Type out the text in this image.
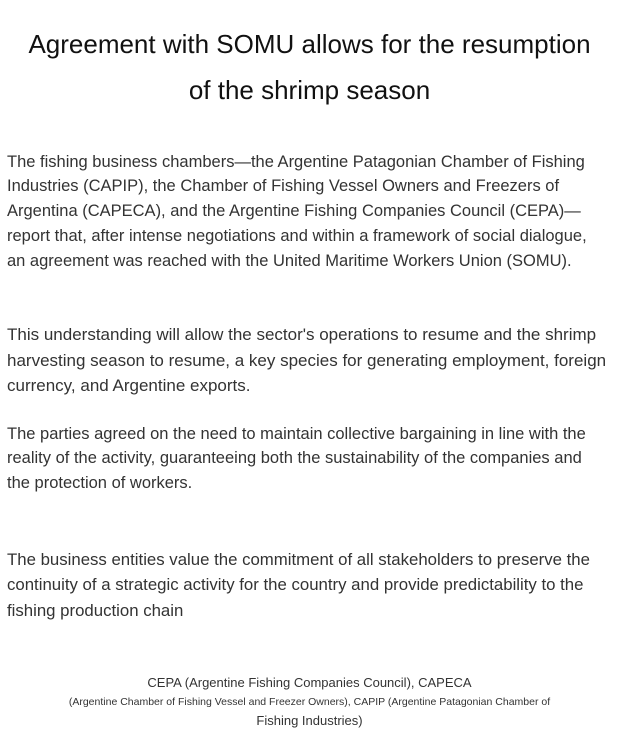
Agreement with SOMU allows for the resumption of the shrimp season

The fishing business chambers—the Argentine Patagonian Chamber of Fishing Industries (CAPIP), the Chamber of Fishing Vessel Owners and Freezers of Argentina (CAPECA), and the Argentine Fishing Companies Council (CEPA)—report that, after intense negotiations and within a framework of social dialogue, an agreement was reached with the United Maritime Workers Union (SOMU).

This understanding will allow the sector's operations to resume and the shrimp harvesting season to resume, a key species for generating employment, foreign currency, and Argentine exports.

The parties agreed on the need to maintain collective bargaining in line with the reality of the activity, guaranteeing both the sustainability of the companies and the protection of workers.

The business entities value the commitment of all stakeholders to preserve the continuity of a strategic activity for the country and provide predictability to the fishing production chain

CEPA (Argentine Fishing Companies Council), CAPECA
(Argentine Chamber of Fishing Vessel and Freezer Owners), CAPIP (Argentine Patagonian Chamber of
Fishing Industries)
